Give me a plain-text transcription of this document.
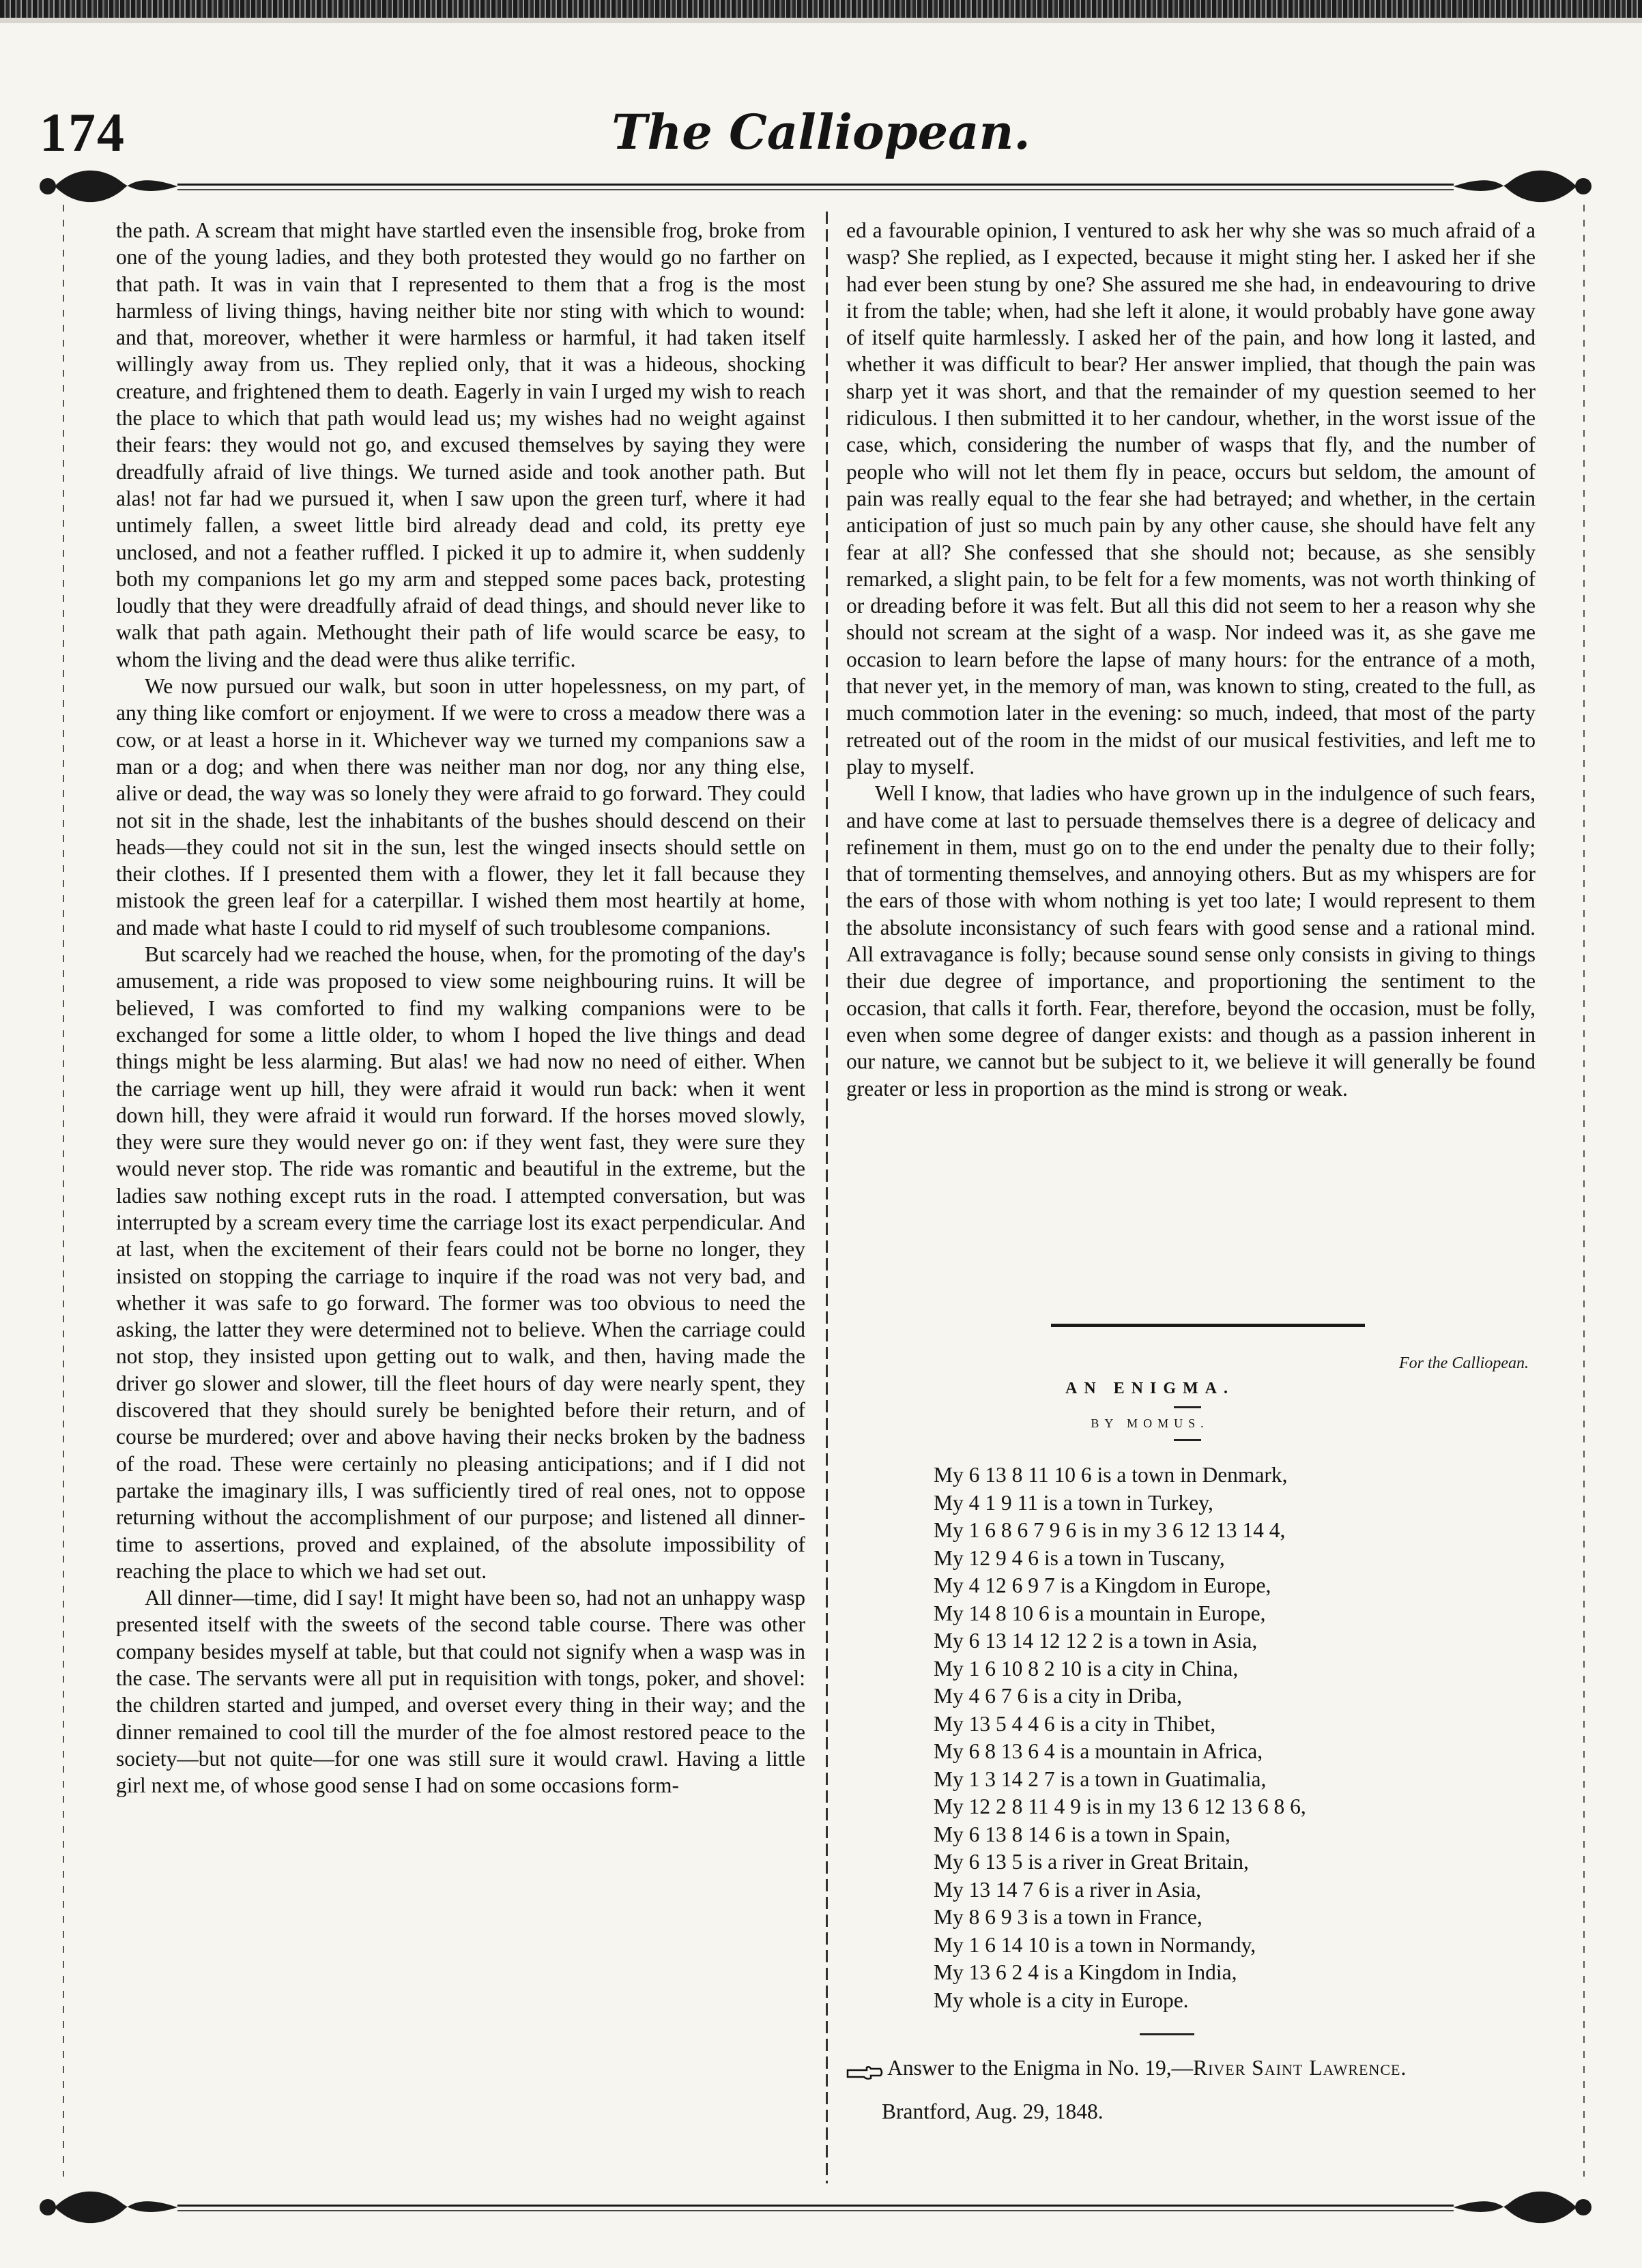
174	The Calliopean.

the path. A scream that might have startled even the insensible frog, broke from one of the young ladies, and they both protested they would go no farther on that path. It was in vain that I represented to them that a frog is the most harmless of living things, having neither bite nor sting with which to wound: and that, moreover, whether it were harmless or harmful, it had taken itself willingly away from us. They replied only, that it was a hideous, shocking creature, and frightened them to death. Eagerly in vain I urged my wish to reach the place to which that path would lead us; my wishes had no weight against their fears: they would not go, and excused themselves by saying they were dreadfully afraid of live things. We turned aside and took another path. But alas! not far had we pursued it, when I saw upon the green turf, where it had untimely fallen, a sweet little bird already dead and cold, its pretty eye unclosed, and not a feather ruffled. I picked it up to admire it, when suddenly both my companions let go my arm and stepped some paces back, protesting loudly that they were dreadfully afraid of dead things, and should never like to walk that path again. Methought their path of life would scarce be easy, to whom the living and the dead were thus alike terrific.

We now pursued our walk, but soon in utter hopelessness, on my part, of any thing like comfort or enjoyment. If we were to cross a meadow there was a cow, or at least a horse in it. Whichever way we turned my companions saw a man or a dog; and when there was neither man nor dog, nor any thing else, alive or dead, the way was so lonely they were afraid to go forward. They could not sit in the shade, lest the inhabitants of the bushes should descend on their heads—they could not sit in the sun, lest the winged insects should settle on their clothes. If I presented them with a flower, they let it fall because they mistook the green leaf for a caterpillar. I wished them most heartily at home, and made what haste I could to rid myself of such troublesome companions.

But scarcely had we reached the house, when, for the promoting of the day's amusement, a ride was proposed to view some neighbouring ruins. It will be believed, I was comforted to find my walking companions were to be exchanged for some a little older, to whom I hoped the live things and dead things might be less alarming. But alas! we had now no need of either. When the carriage went up hill, they were afraid it would run back: when it went down hill, they were afraid it would run forward. If the horses moved slowly, they were sure they would never go on: if they went fast, they were sure they would never stop. The ride was romantic and beautiful in the extreme, but the ladies saw nothing except ruts in the road. I attempted conversation, but was interrupted by a scream every time the carriage lost its exact perpendicular. And at last, when the excitement of their fears could not be borne no longer, they insisted on stopping the carriage to inquire if the road was not very bad, and whether it was safe to go forward. The former was too obvious to need the asking, the latter they were determined not to believe. When the carriage could not stop, they insisted upon getting out to walk, and then, having made the driver go slower and slower, till the fleet hours of day were nearly spent, they discovered that they should surely be benighted before their return, and of course be murdered; over and above having their necks broken by the badness of the road. These were certainly no pleasing anticipations; and if I did not partake the imaginary ills, I was sufficiently tired of real ones, not to oppose returning without the accomplishment of our purpose; and listened all dinner-time to assertions, proved and explained, of the absolute impossibility of reaching the place to which we had set out.

All dinner—time, did I say! It might have been so, had not an unhappy wasp presented itself with the sweets of the second table course. There was other company besides myself at table, but that could not signify when a wasp was in the case. The servants were all put in requisition with tongs, poker, and shovel: the children started and jumped, and overset every thing in their way; and the dinner remained to cool till the murder of the foe almost restored peace to the society—but not quite—for one was still sure it would crawl. Having a little girl next me, of whose good sense I had on some occasions form-

ed a favourable opinion, I ventured to ask her why she was so much afraid of a wasp? She replied, as I expected, because it might sting her. I asked her if she had ever been stung by one? She assured me she had, in endeavouring to drive it from the table; when, had she left it alone, it would probably have gone away of itself quite harmlessly. I asked her of the pain, and how long it lasted, and whether it was difficult to bear? Her answer implied, that though the pain was sharp yet it was short, and that the remainder of my question seemed to her ridiculous. I then submitted it to her candour, whether, in the worst issue of the case, which, considering the number of wasps that fly, and the number of people who will not let them fly in peace, occurs but seldom, the amount of pain was really equal to the fear she had betrayed; and whether, in the certain anticipation of just so much pain by any other cause, she should have felt any fear at all? She confessed that she should not; because, as she sensibly remarked, a slight pain, to be felt for a few moments, was not worth thinking of or dreading before it was felt. But all this did not seem to her a reason why she should not scream at the sight of a wasp. Nor indeed was it, as she gave me occasion to learn before the lapse of many hours: for the entrance of a moth, that never yet, in the memory of man, was known to sting, created to the full, as much commotion later in the evening: so much, indeed, that most of the party retreated out of the room in the midst of our musical festivities, and left me to play to myself.

Well I know, that ladies who have grown up in the indulgence of such fears, and have come at last to persuade themselves there is a degree of delicacy and refinement in them, must go on to the end under the penalty due to their folly; that of tormenting themselves, and annoying others. But as my whispers are for the ears of those with whom nothing is yet too late; I would represent to them the absolute inconsistancy of such fears with good sense and a rational mind. All extravagance is folly; because sound sense only consists in giving to things their due degree of importance, and proportioning the sentiment to the occasion, that calls it forth. Fear, therefore, beyond the occasion, must be folly, even when some degree of danger exists: and though as a passion inherent in our nature, we cannot but be subject to it, we believe it will generally be found greater or less in proportion as the mind is strong or weak.

For the Calliopean.
AN ENIGMA.
BY MOMUS.
My 6 13 8 11 10 6 is a town in Denmark,
My 4 1 9 11 is a town in Turkey,
My 1 6 8 6 7 9 6 is in my 3 6 12 13 14 4,
My 12 9 4 6 is a town in Tuscany,
My 4 12 6 9 7 is a Kingdom in Europe,
My 14 8 10 6 is a mountain in Europe,
My 6 13 14 12 12 2 is a town in Asia,
My 1 6 10 8 2 10 is a city in China,
My 4 6 7 6 is a city in Driba,
My 13 5 4 4 6 is a city in Thibet,
My 6 8 13 6 4 is a mountain in Africa,
My 1 3 14 2 7 is a town in Guatimalia,
My 12 2 8 11 4 9 is in my 13 6 12 13 6 8 6,
My 6 13 8 14 6 is a town in Spain,
My 6 13 5 is a river in Great Britain,
My 13 14 7 6 is a river in Asia,
My 8 6 9 3 is a town in France,
My 1 6 14 10 is a town in Normandy,
My 13 6 2 4 is a Kingdom in India,
My whole is a city in Europe.
Answer to the Enigma in No. 19,—River Saint Lawrence.
Brantford, Aug. 29, 1848.
